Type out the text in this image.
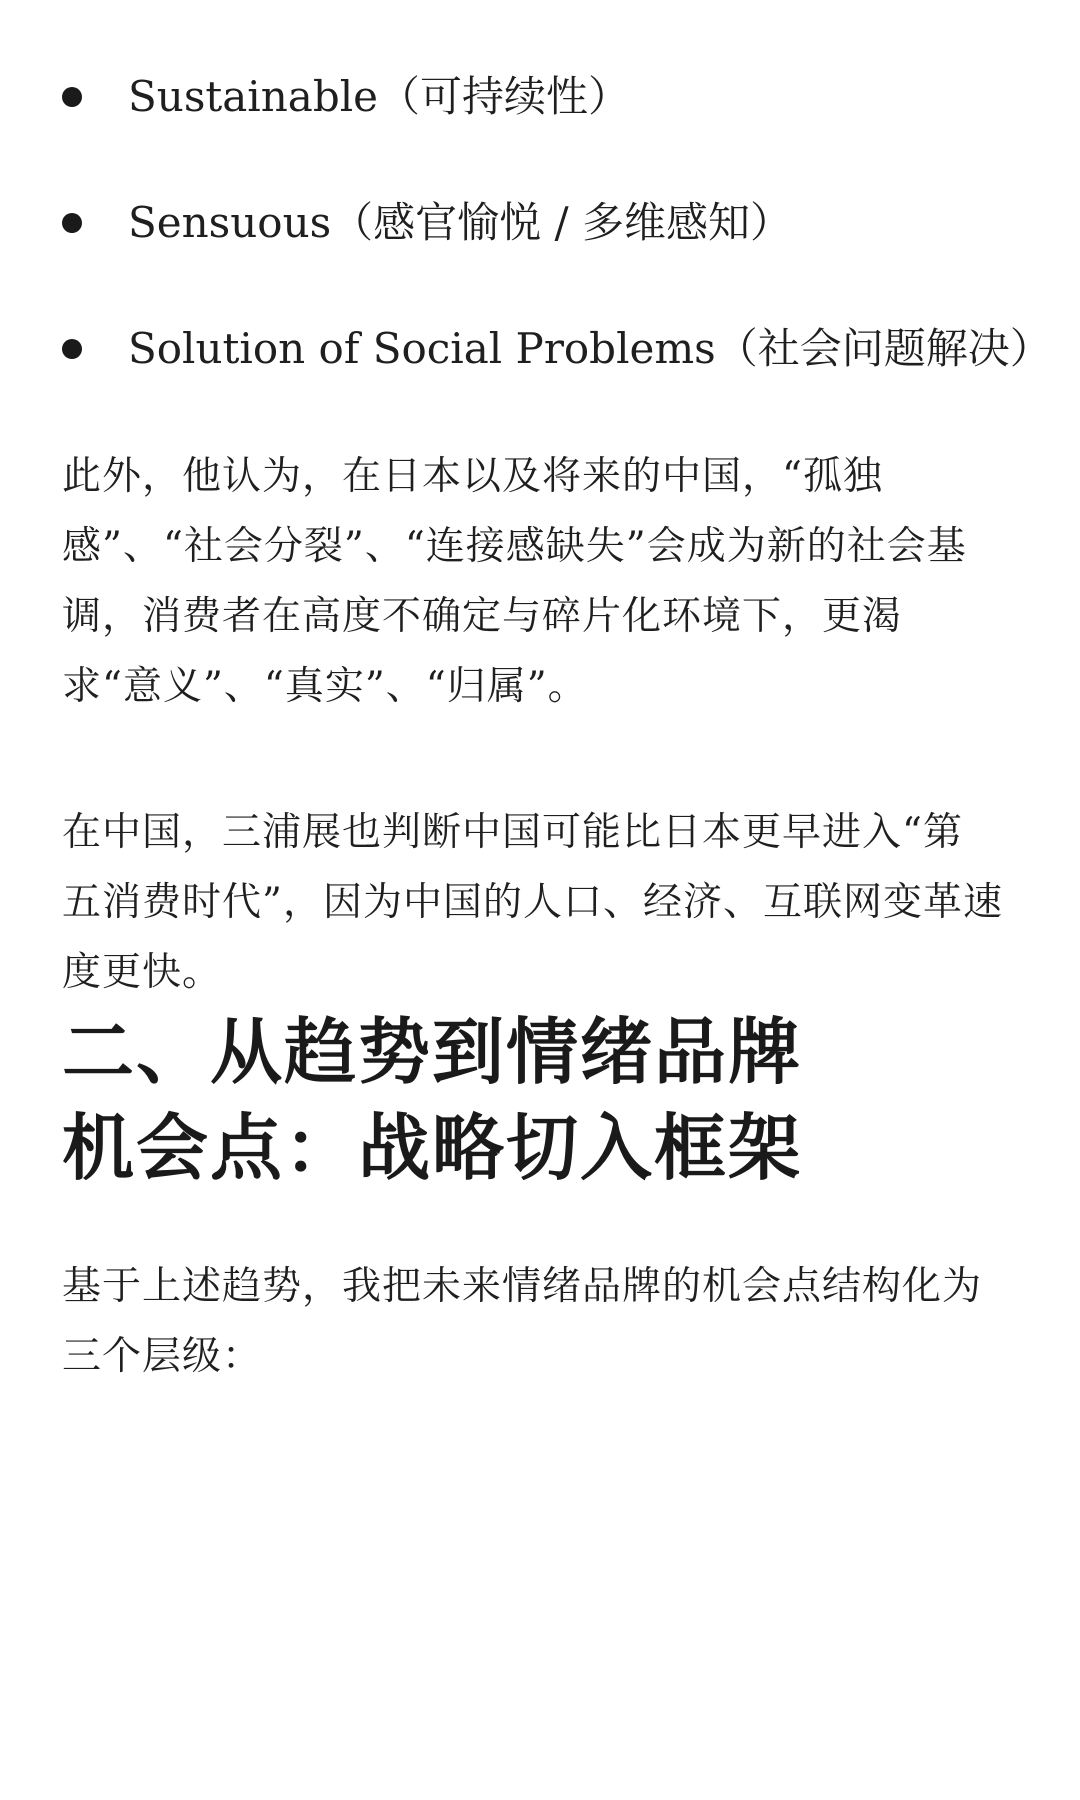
Sustainable（可持续性）
Sensuous（感官愉悦 / 多维感知）
Solution of Social Problems（社会问题解决）

此外，他认为，在日本以及将来的中国，“孤独
感”、“社会分裂”、“连接感缺失”会成为新的社会基
调，消费者在高度不确定与碎片化环境下，更渴
求“意义”、“真实”、“归属”。

在中国，三浦展也判断中国可能比日本更早进入“第
五消费时代”，因为中国的人口、经济、互联网变革速
度更快。

二、从趋势到情绪品牌
机会点：战略切入框架

基于上述趋势，我把未来情绪品牌的机会点结构化为
三个层级：
